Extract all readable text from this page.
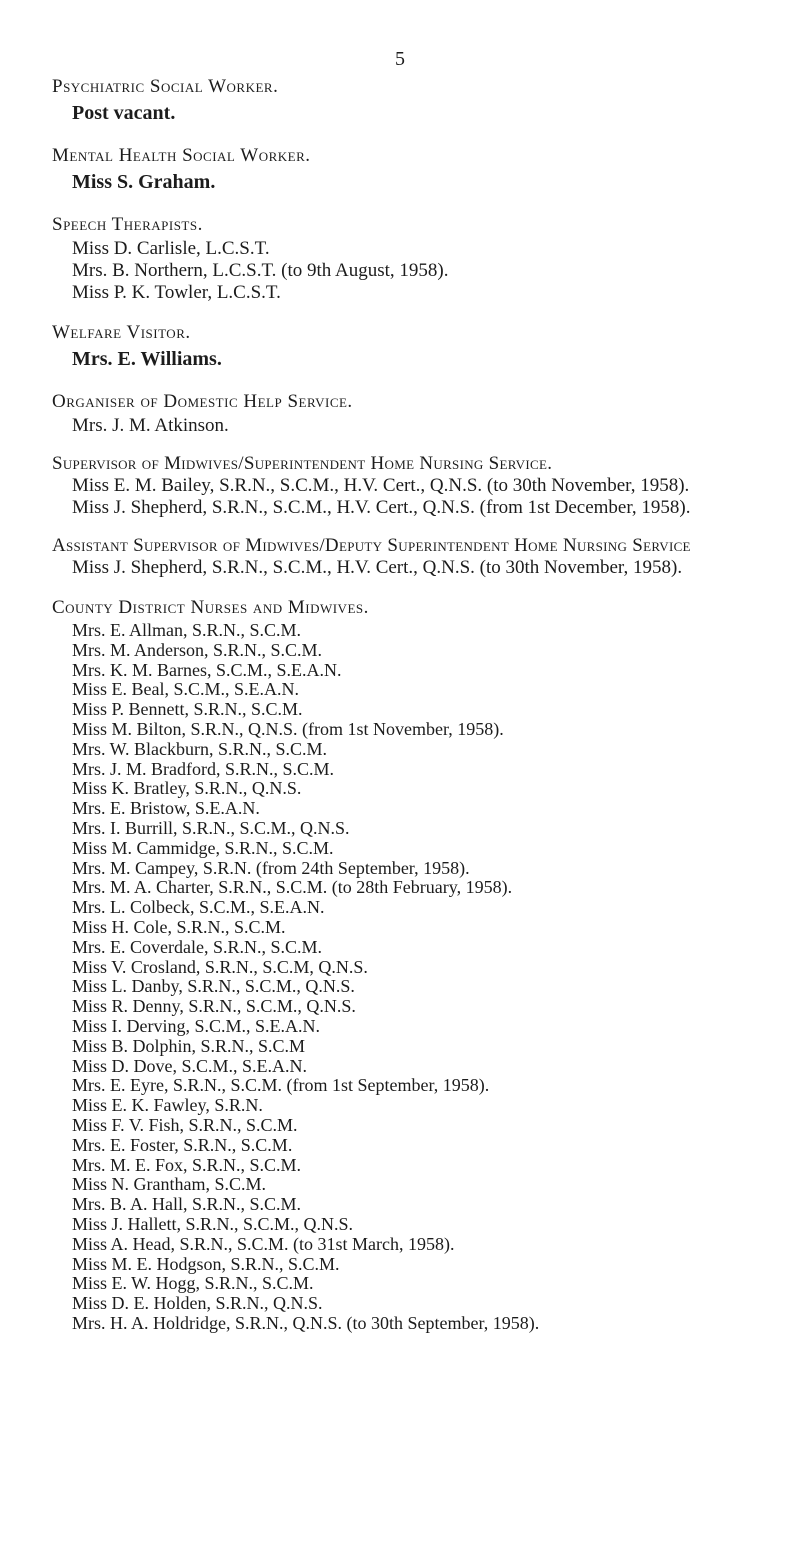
5

Psychiatric Social Worker.

Post vacant.

Mental Health Social Worker.

Miss S. Graham.

Speech Therapists.

Miss D. Carlisle, L.C.S.T.
Mrs. B. Northern, L.C.S.T. (to 9th August, 1958).
Miss P. K. Towler, L.C.S.T.

Welfare Visitor.

Mrs. E. Williams.

Organiser of Domestic Help Service.

Mrs. J. M. Atkinson.

Supervisor of Midwives/Superintendent Home Nursing Service.

Miss E. M. Bailey, S.R.N., S.C.M., H.V. Cert., Q.N.S. (to 30th November, 1958).
Miss J. Shepherd, S.R.N., S.C.M., H.V. Cert., Q.N.S. (from 1st December, 1958).

Assistant Supervisor of Midwives/Deputy Superintendent Home Nursing Service

Miss J. Shepherd, S.R.N., S.C.M., H.V. Cert., Q.N.S. (to 30th November, 1958).

County District Nurses and Midwives.

Mrs. E. Allman, S.R.N., S.C.M.
Mrs. M. Anderson, S.R.N., S.C.M.
Mrs. K. M. Barnes, S.C.M., S.E.A.N.
Miss E. Beal, S.C.M., S.E.A.N.
Miss P. Bennett, S.R.N., S.C.M.
Miss M. Bilton, S.R.N., Q.N.S. (from 1st November, 1958).
Mrs. W. Blackburn, S.R.N., S.C.M.
Mrs. J. M. Bradford, S.R.N., S.C.M.
Miss K. Bratley, S.R.N., Q.N.S.
Mrs. E. Bristow, S.E.A.N.
Mrs. I. Burrill, S.R.N., S.C.M., Q.N.S.
Miss M. Cammidge, S.R.N., S.C.M.
Mrs. M. Campey, S.R.N. (from 24th September, 1958).
Mrs. M. A. Charter, S.R.N., S.C.M. (to 28th February, 1958).
Mrs. L. Colbeck, S.C.M., S.E.A.N.
Miss H. Cole, S.R.N., S.C.M.
Mrs. E. Coverdale, S.R.N., S.C.M.
Miss V. Crosland, S.R.N., S.C.M, Q.N.S.
Miss L. Danby, S.R.N., S.C.M., Q.N.S.
Miss R. Denny, S.R.N., S.C.M., Q.N.S.
Miss I. Derving, S.C.M., S.E.A.N.
Miss B. Dolphin, S.R.N., S.C.M
Miss D. Dove, S.C.M., S.E.A.N.
Mrs. E. Eyre, S.R.N., S.C.M. (from 1st September, 1958).
Miss E. K. Fawley, S.R.N.
Miss F. V. Fish, S.R.N., S.C.M.
Mrs. E. Foster, S.R.N., S.C.M.
Mrs. M. E. Fox, S.R.N., S.C.M.
Miss N. Grantham, S.C.M.
Mrs. B. A. Hall, S.R.N., S.C.M.
Miss J. Hallett, S.R.N., S.C.M., Q.N.S.
Miss A. Head, S.R.N., S.C.M. (to 31st March, 1958).
Miss M. E. Hodgson, S.R.N., S.C.M.
Miss E. W. Hogg, S.R.N., S.C.M.
Miss D. E. Holden, S.R.N., Q.N.S.
Mrs. H. A. Holdridge, S.R.N., Q.N.S. (to 30th September, 1958).
